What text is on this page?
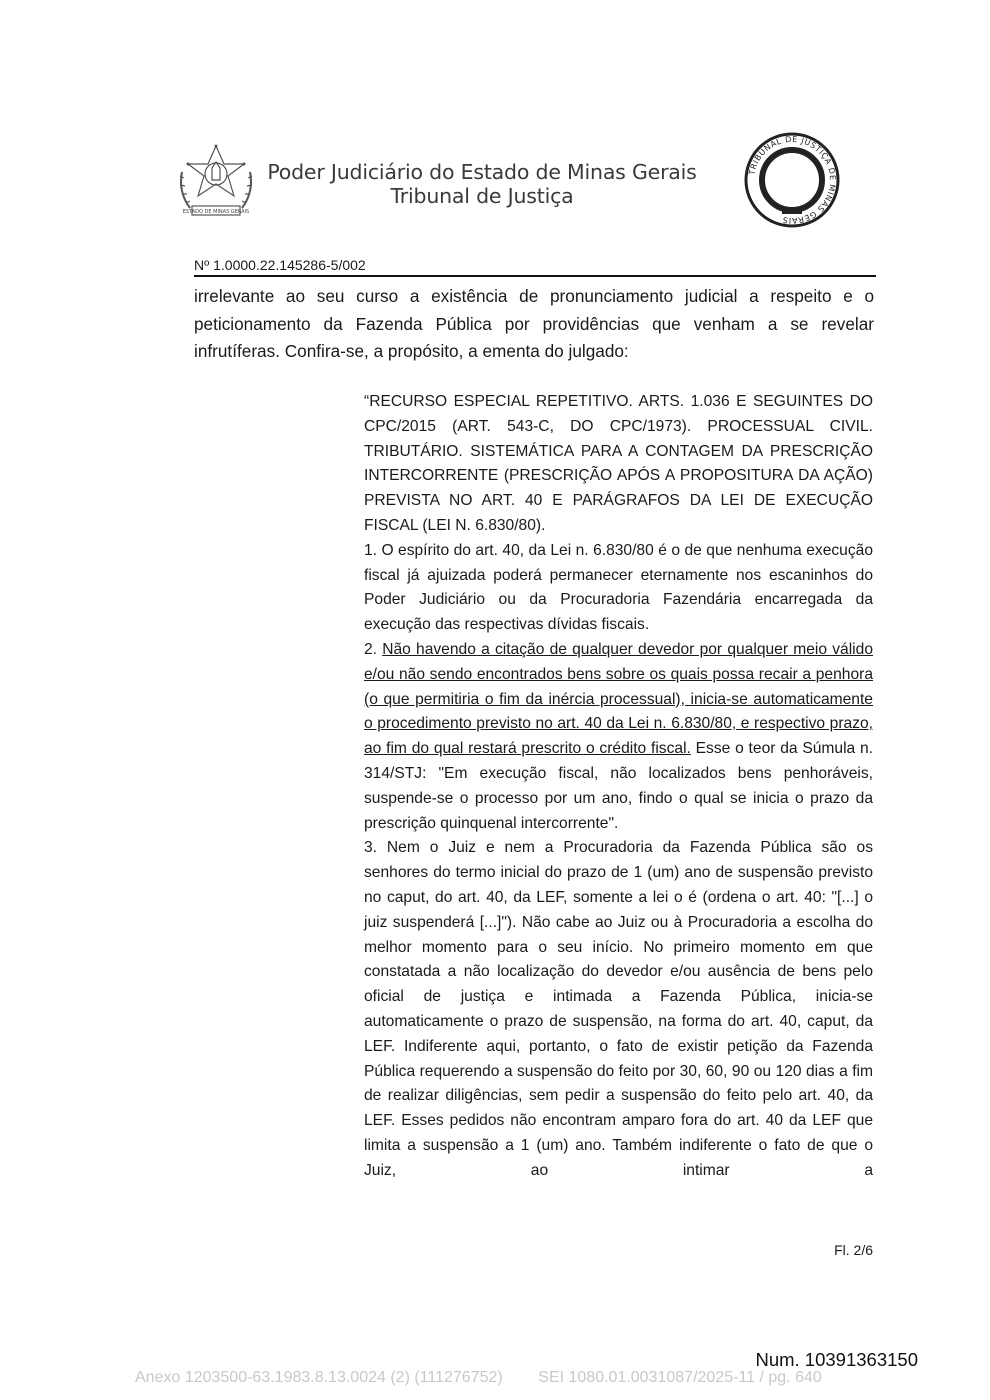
ESTADO DE MINAS GERAIS
Poder Judiciário do Estado de Minas Gerais
Tribunal de Justiça
TRIBUNAL DE JUSTIÇA DE MINAS GERAIS
Nº 1.0000.22.145286-5/002
irrelevante ao seu curso a existência de pronunciamento judicial a respeito e o peticionamento da Fazenda Pública por providências que venham a se revelar infrutíferas. Confira-se, a propósito, a ementa do julgado:

“RECURSO ESPECIAL REPETITIVO. ARTS. 1.036 E SEGUINTES DO CPC/2015 (ART. 543-C, DO CPC/1973). PROCESSUAL CIVIL. TRIBUTÁRIO. SISTEMÁTICA PARA A CONTAGEM DA PRESCRIÇÃO INTERCORRENTE (PRESCRIÇÃO APÓS A PROPOSITURA DA AÇÃO) PREVISTA NO ART. 40 E PARÁGRAFOS DA LEI DE EXECUÇÃO FISCAL (LEI N. 6.830/80).

1. O espírito do art. 40, da Lei n. 6.830/80 é o de que nenhuma execução fiscal já ajuizada poderá permanecer eternamente nos escaninhos do Poder Judiciário ou da Procuradoria Fazendária encarregada da execução das respectivas dívidas fiscais.

2. Não havendo a citação de qualquer devedor por qualquer meio válido e/ou não sendo encontrados bens sobre os quais possa recair a penhora (o que permitiria o fim da inércia processual), inicia-se automaticamente o procedimento previsto no art. 40 da Lei n. 6.830/80, e respectivo prazo, ao fim do qual restará prescrito o crédito fiscal. Esse o teor da Súmula n. 314/STJ: "Em execução fiscal, não localizados bens penhoráveis, suspende-se o processo por um ano, findo o qual se inicia o prazo da prescrição quinquenal intercorrente".

3. Nem o Juiz e nem a Procuradoria da Fazenda Pública são os senhores do termo inicial do prazo de 1 (um) ano de suspensão previsto no caput, do art. 40, da LEF, somente a lei o é (ordena o art. 40: "[...] o juiz suspenderá [...]"). Não cabe ao Juiz ou à Procuradoria a escolha do melhor momento para o seu início. No primeiro momento em que constatada a não localização do devedor e/ou ausência de bens pelo oficial de justiça e intimada a Fazenda Pública, inicia-se automaticamente o prazo de suspensão, na forma do art. 40, caput, da LEF. Indiferente aqui, portanto, o fato de existir petição da Fazenda Pública requerendo a suspensão do feito por 30, 60, 90 ou 120 dias a fim de realizar diligências, sem pedir a suspensão do feito pelo art. 40, da LEF. Esses pedidos não encontram amparo fora do art. 40 da LEF que limita a suspensão a 1 (um) ano. Também indiferente o fato de que o Juiz, ao intimar a

Fl. 2/6
Num. 10391363150
Anexo 1203500-63.1983.8.13.0024 (2) (111276752)        SEI 1080.01.0031087/2025-11 / pg. 640
